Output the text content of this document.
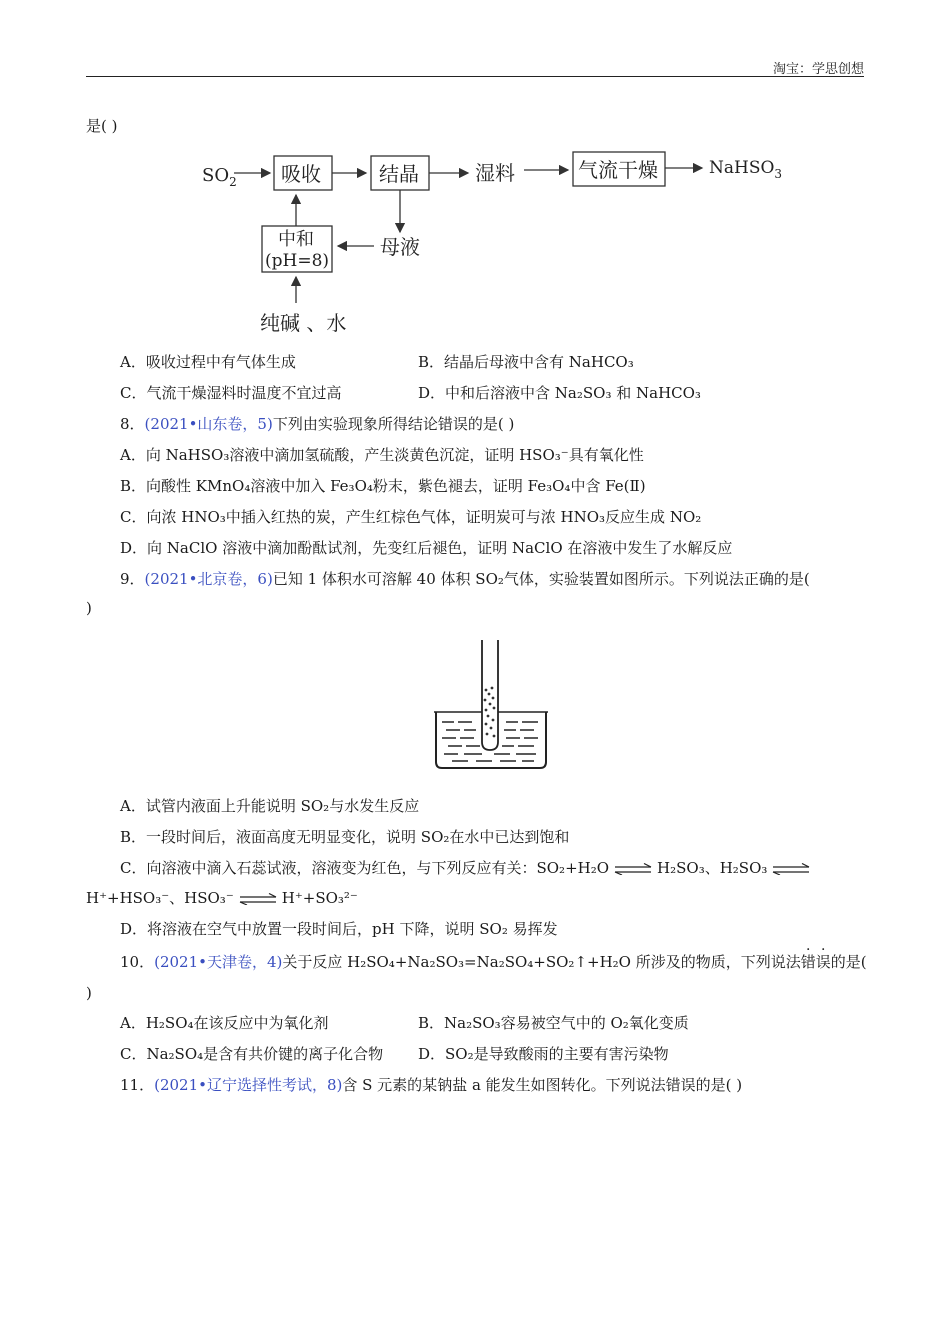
淘宝：学思创想
是( )
$SO_2$ 吸收	结晶	湿料	气流干燥	NaHSO$_3$
中和
(pH=8)
母液
纯碱 、水
A．吸收过程中有气体生成	B．结晶后母液中含有 NaHCO₃
C．气流干燥湿料时温度不宜过高	D．中和后溶液中含 Na₂SO₃ 和 NaHCO₃
8．(2021•山东卷，5)下列由实验现象所得结论错误的是( )
A．向 NaHSO₃溶液中滴加氢硫酸，产生淡黄色沉淀，证明 HSO₃⁻具有氧化性
B．向酸性 KMnO₄溶液中加入 Fe₃O₄粉末，紫色褪去，证明 Fe₃O₄中含 Fe(Ⅱ)
C．向浓 HNO₃中插入红热的炭，产生红棕色气体，证明炭可与浓 HNO₃反应生成 NO₂
D．向 NaClO 溶液中滴加酚酞试剂，先变红后褪色，证明 NaClO 在溶液中发生了水解反应
9．(2021•北京卷，6)已知 1 体积水可溶解 40 体积 SO₂气体，实验装置如图所示。下列说法正确的是(
)
A．试管内液面上升能说明 SO₂与水发生反应
B．一段时间后，液面高度无明显变化，说明 SO₂在水中已达到饱和
C．向溶液中滴入石蕊试液，溶液变为红色，与下列反应有关：SO₂+H₂O ⇌ H₂SO₃、H₂SO₃ ⇌
H⁺+HSO₃⁻、HSO₃⁻ ⇌ H⁺+SO₃²⁻
D．将溶液在空气中放置一段时间后，pH 下降，说明 SO₂ 易挥发
10．(2021•天津卷，4)关于反应 H₂SO₄+Na₂SO₃=Na₂SO₄+SO₂↑+H₂O 所涉及的物质，下列说法错误的是(
)
A．H₂SO₄在该反应中为氧化剂	B．Na₂SO₃容易被空气中的 O₂氧化变质
C．Na₂SO₄是含有共价键的离子化合物 D．SO₂是导致酸雨的主要有害污染物
11．(2021•辽宁选择性考试，8)含 S 元素的某钠盐 a 能发生如图转化。下列说法错误的是( )
